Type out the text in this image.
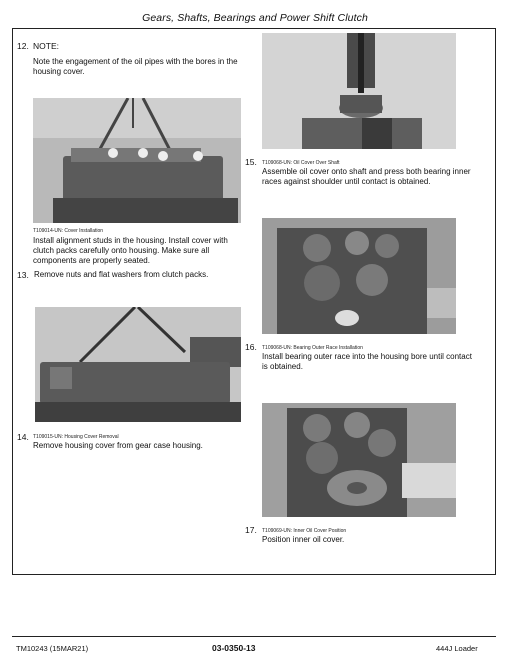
Gears, Shafts, Bearings and Power Shift Clutch
12. NOTE:
Note the engagement of the oil pipes with the bores in the housing cover.
T109014-UN: Cover Installation
Install alignment studs in the housing. Install cover with clutch packs carefully onto housing. Make sure all components are properly seated.
13. Remove nuts and flat washers from clutch packs.
14. T109015-UN: Housing Cover Removal
Remove housing cover from gear case housing.
15. T109068-UN: Oil Cover Over Shaft
Assemble oil cover onto shaft and press both bearing inner races against shoulder until contact is obtained.
16. T109068-UN: Bearing Outer Race Installation
Install bearing outer race into the housing bore until contact is obtained.
17. T109069-UN: Inner Oil Cover Position
Position inner oil cover.
TM10243 (15MAR21)	03-0350-13	444J Loader
